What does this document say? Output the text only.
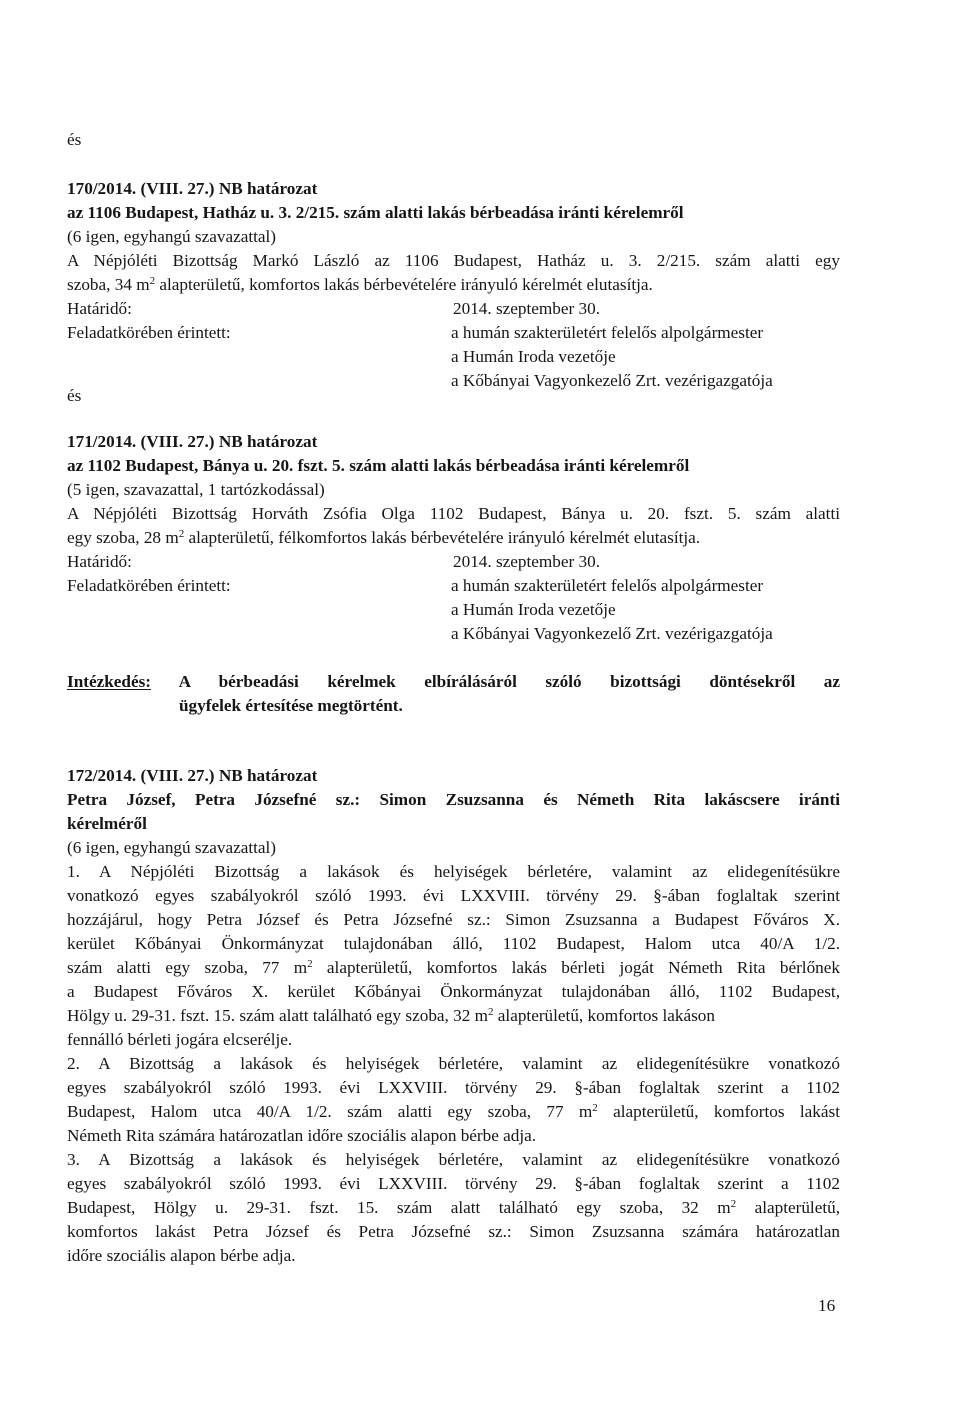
és
170/2014. (VIII. 27.) NB határozat
az 1106 Budapest, Hatház u. 3. 2/215. szám alatti lakás bérbeadása iránti kérelemről
(6 igen, egyhangú szavazattal)
A Népjóléti Bizottság Markó László az 1106 Budapest, Hatház u. 3. 2/215. szám alatti egy
szoba, 34 $m^2$ alapterületű, komfortos lakás bérbevételére irányuló kérelmét elutasítja.
Határidő:	2014. szeptember 30.
Feladatkörében érintett:	a humán szakterületért felelős alpolgármester
a Humán Iroda vezetője
a Kőbányai Vagyonkezelő Zrt. vezérigazgatója
és
171/2014. (VIII. 27.) NB határozat
az 1102 Budapest, Bánya u. 20. fszt. 5. szám alatti lakás bérbeadása iránti kérelemről
(5 igen, szavazattal, 1 tartózkodással)
A Népjóléti Bizottság Horváth Zsófia Olga 1102 Budapest, Bánya u. 20. fszt. 5. szám alatti
egy szoba, 28 $m^2$ alapterületű, félkomfortos lakás bérbevételére irányuló kérelmét elutasítja.
Határidő:	2014. szeptember 30.
Feladatkörében érintett:	a humán szakterületért felelős alpolgármester
a Humán Iroda vezetője
a Kőbányai Vagyonkezelő Zrt. vezérigazgatója
Intézkedés: A bérbeadási kérelmek elbírálásáról szóló bizottsági döntésekről az
ügyfelek értesítése megtörtént.
172/2014. (VIII. 27.) NB határozat
Petra József, Petra Józsefné sz.: Simon Zsuzsanna és Németh Rita lakáscsere iránti
kérelméről
(6 igen, egyhangú szavazattal)
1. A Népjóléti Bizottság a lakások és helyiségek bérletére, valamint az elidegenítésükre
vonatkozó egyes szabályokról szóló 1993. évi LXXVIII. törvény 29. §-ában foglaltak szerint
hozzájárul, hogy Petra József és Petra Józsefné sz.: Simon Zsuzsanna a Budapest Főváros X.
kerület Kőbányai Önkormányzat tulajdonában álló, 1102 Budapest, Halom utca 40/A 1/2.
szám alatti egy szoba, 77 $m^2$ alapterületű, komfortos lakás bérleti jogát Németh Rita bérlőnek
a Budapest Főváros X. kerület Kőbányai Önkormányzat tulajdonában álló, 1102 Budapest,
Hölgy u. 29-31. fszt. 15. szám alatt található egy szoba, 32 $m^2$ alapterületű, komfortos lakáson
fennálló bérleti jogára elcserélje.
2. A Bizottság a lakások és helyiségek bérletére, valamint az elidegenítésükre vonatkozó
egyes szabályokról szóló 1993. évi LXXVIII. törvény 29. §-ában foglaltak szerint a 1102
Budapest, Halom utca 40/A 1/2. szám alatti egy szoba, 77 $m^2$ alapterületű, komfortos lakást
Németh Rita számára határozatlan időre szociális alapon bérbe adja.
3. A Bizottság a lakások és helyiségek bérletére, valamint az elidegenítésükre vonatkozó
egyes szabályokról szóló 1993. évi LXXVIII. törvény 29. §-ában foglaltak szerint a 1102
Budapest, Hölgy u. 29-31. fszt. 15. szám alatt található egy szoba, 32 $m^2$ alapterületű,
komfortos lakást Petra József és Petra Józsefné sz.: Simon Zsuzsanna számára határozatlan
időre szociális alapon bérbe adja.
16
